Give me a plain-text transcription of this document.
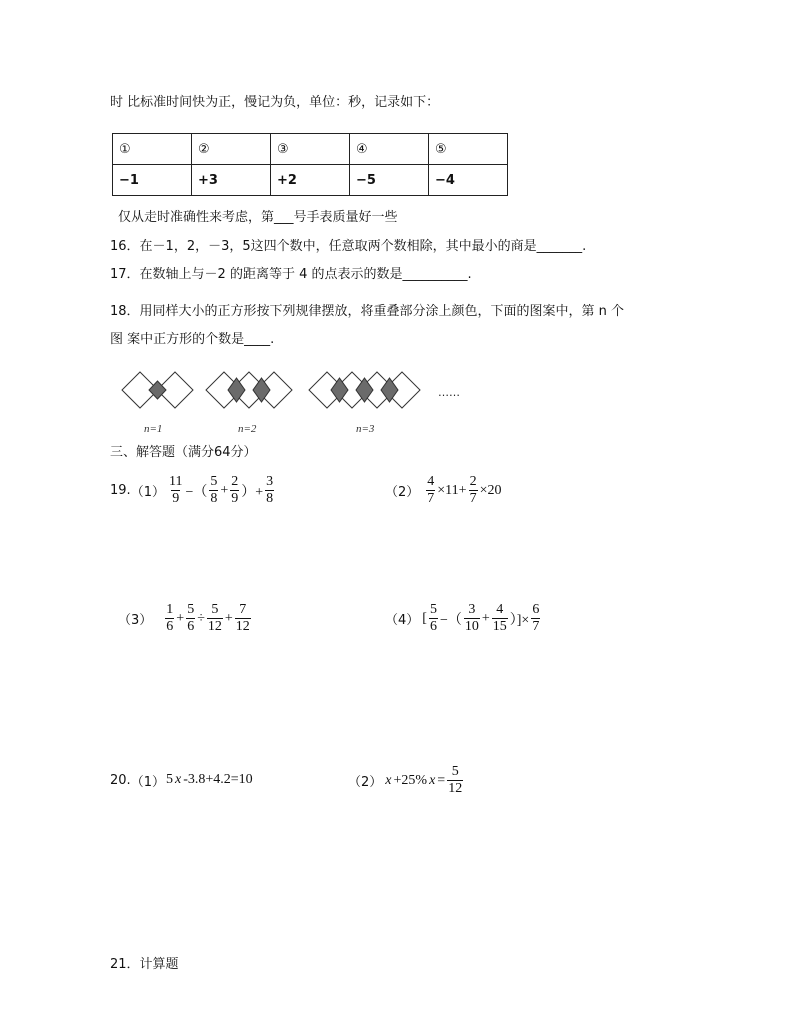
时 比标准时间快为正，慢记为负，单位：秒，记录如下：
①	②	③	④	⑤
−1	+3	+2	−5	−4
仅从走时准确性来考虑，第___号手表质量好一些
16．在－1，2，－3，5这四个数中，任意取两个数相除，其中最小的商是_______.
17．在数轴上与－2 的距离等于 4 的点表示的数是__________.
18．用同样大小的正方形按下列规律摆放，将重叠部分涂上颜色，下面的图案中，第 n 个
图 案中正方形的个数是____.
n=1	n=2	n=3
……
三、解答题（满分64分）
19. $(1) \frac{11}{9}$ −（ $\frac{5}{8} + \frac{2}{9}$ ）+ $\frac{3}{8}$	$(2) \frac{4}{7} \times 11+ \frac{2}{7} \times 20$
$(3) \frac{1}{6} + \frac{5}{6} \div \frac{5}{12} + \frac{7}{12}$	（4） [ $\frac{5}{6}$ −（ $\frac{3}{10} + \frac{4}{15}$ ）]× $\frac{6}{7}$
20. （1） 5 x -3.8+4.2=10	（2） x +25% $x = \frac{5}{12}$
21．计算题
